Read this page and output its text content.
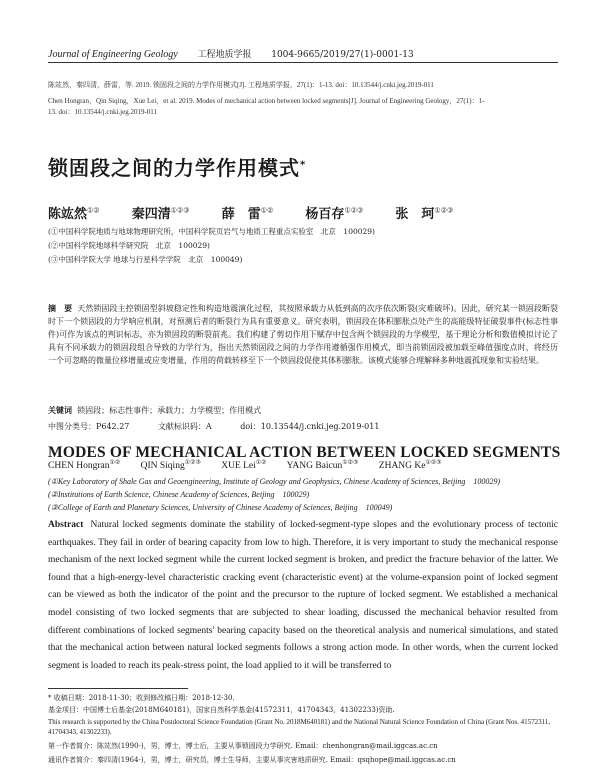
Journal of Engineering Geology 工程地质学报 1004-9665/2019/27(1)-0001-13
陈竑然，秦四清，薛雷，等. 2019. 锁固段之间的力学作用模式[J]. 工程地质学报，27(1)：1-13. doi：10.13544/j.cnki.jeg.2019-011
Chen Hongran，Qin Siqing，Xue Lei，et al. 2019. Modes of mechanical action between locked segments[J]. Journal of Engineering Geology，27(1)：1-
13. doi：10.13544/j.cnki.jeg.2019-011
锁固段之间的力学作用模式*
陈竑然①② 秦四清①②③ 薛　雷①② 杨百存①②③ 张　珂①②③
(①中国科学院地质与地球物理研究所，中国科学院页岩气与地质工程重点实验室　北京　100029)
(②中国科学院地球科学研究院　北京　100029)
(③中国科学院大学 地球与行星科学学院　北京　100049)
摘　要 天然锁固段主控锁固型斜坡稳定性和构造地震演化过程，其按照承载力从低到高的次序依次断裂(灾难破坏)。因此，研究某一锁固段断裂时下一个锁固段的力学响应机制，对预测后者的断裂行为具有重要意义。研究表明，锁固段在体积膨胀点处产生的高能级特征破裂事件(标志性事件)可作为该点的判识标志，亦为锁固段的断裂前兆。我们构建了剪切作用下赋存中包含两个锁固段的力学模型，基于理论分析和数值模拟讨论了具有不同承载力的锁固段组合导致的力学行为，指出天然锁固段之间的力学作用遵循强作用模式，即当前锁固段被加载至峰值强度点时，将经历一个可忽略的微量位移增量或应变增量，作用的荷载转移至下一个锁固段促使其体积膨胀。该模式能够合理解释多种地震孤现象和实验结果。
关键词 锁固段；标志性事件；承载力；力学模型；作用模式
中图分类号：P642.27	文献标识码：A	doi：10.13544/j.cnki.jeg.2019-011
MODES OF MECHANICAL ACTION BETWEEN LOCKED SEGMENTS
CHEN Hongran①② QIN Siqing①②③ XUE Lei①② YANG Baicun①②③ ZHANG Ke①②③
(①Key Laboratory of Shale Gas and Geoengineering, Institute of Geology and Geophysics, Chinese Academy of Sciences, Beijing　100029)
(②Institutions of Earth Science, Chinese Academy of Sciences, Beijing　100029)
(③College of Earth and Planetary Sciences, University of Chinese Academy of Sciences, Beijing　100049)
Abstract Natural locked segments dominate the stability of locked-segment-type slopes and the evolutionary process of tectonic earthquakes. They fail in order of bearing capacity from low to high. Therefore, it is very important to study the mechanical response mechanism of the next locked segment while the current locked segment is broken, and predict the fracture behavior of the latter. We found that a high-energy-level characteristic cracking event (characteristic event) at the volume-expansion point of locked segment can be viewed as both the indicator of the point and the precursor to the rupture of locked segment. We established a mechanical model consisting of two locked segments that are subjected to shear loading, discussed the mechanical behavior resulted from different combinations of locked segments' bearing capacity based on the theoretical analysis and numerical simulations, and stated that the mechanical action between natural locked segments follows a strong action mode. In other words, when the current locked segment is loaded to reach its peak-stress point, the load applied to it will be transferred to
* 收稿日期：2018-11-30；收到修改稿日期：2018-12-30.
基金项目：中国博士后基金(2018M640181)，国家自然科学基金(41572311，41704343，41302233)资助.
This research is supported by the China Postdoctoral Science Foundation (Grant No. 2018M640181) and the National Natural Science Foundation of China (Grant Nos. 41572311, 41704343, 41302233).
第一作者简介：陈竑然(1990-)，男，博士，博士后，主要从事锁固段力学研究. Email：chenhongran@mail.iggcas.ac.cn
通讯作者简介：秦四清(1964-)，男，博士，研究员，博士生导师，主要从事灾害地质研究. Email：qsqhope@mail.iggcas.ac.cn
